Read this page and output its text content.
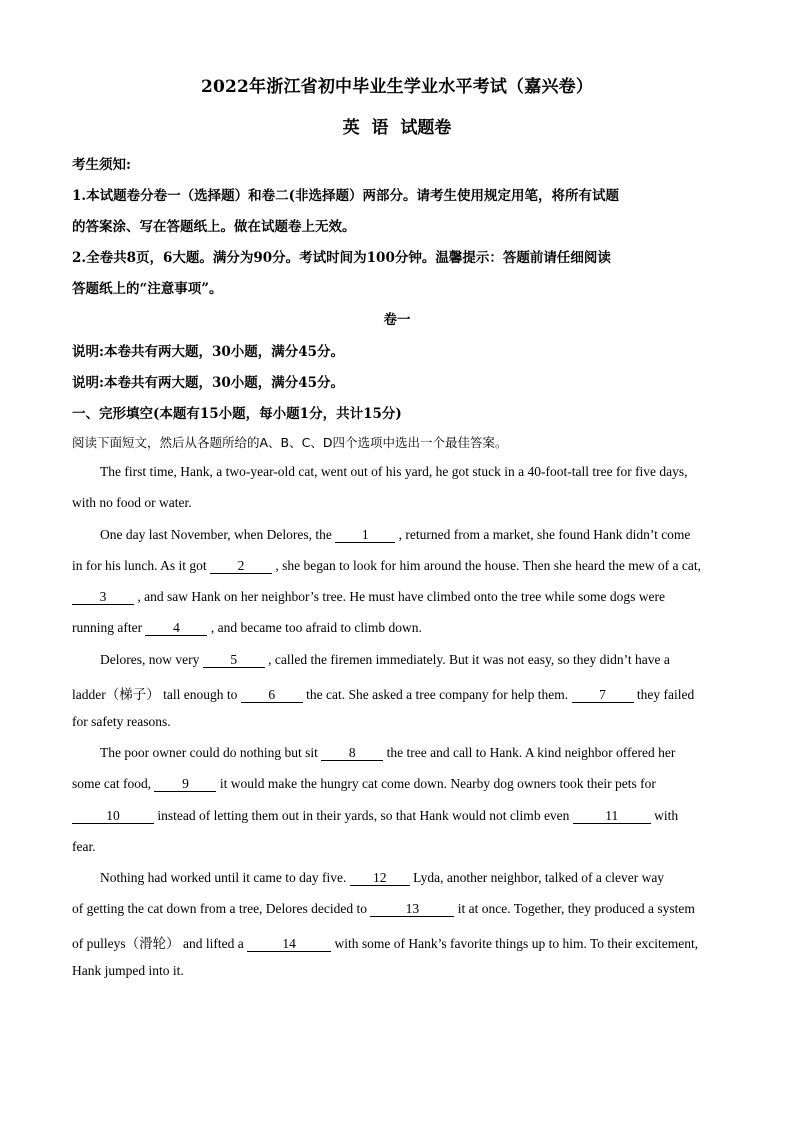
2022年浙江省初中毕业生学业水平考试（嘉兴卷）
英 语 试题卷
考生须知:
1.本试题卷分卷一（选择题）和卷二(非选择题）两部分。请考生使用规定用笔，将所有试题
的答案涂、写在答题纸上。做在试题卷上无效。
2.全卷共8页，6大题。满分为90分。考试时间为100分钟。温馨提示：答题前请任细阅读
答题纸上的“注意事项”。
卷一
说明:本卷共有两大题，30小题，满分45分。
说明:本卷共有两大题，30小题，满分45分。
一、完形填空(本题有15小题，每小题1分，共计15分)
阅读下面短文，然后从各题所给的A、B、C、D四个选项中选出一个最佳答案。
The first time, Hank, a two-year-old cat, went out of his yard, he got stuck in a 40-foot-tall tree for five days,
with no food or water.
One day last November, when Delores, the 1 , returned from a market, she found Hank didn’t come
in for his lunch. As it got 2 , she began to look for him around the house. Then she heard the mew of a cat,
3 , and saw Hank on her neighbor’s tree. He must have climbed onto the tree while some dogs were
running after 4 , and became too afraid to climb down.
Delores, now very 5 , called the firemen immediately. But it was not easy, so they didn’t have a
ladder（梯子） tall enough to 6 the cat. She asked a tree company for help them. 7 they failed
for safety reasons.
The poor owner could do nothing but sit 8 the tree and call to Hank. A kind neighbor offered her
some cat food, 9 it would make the hungry cat come down. Nearby dog owners took their pets for
10	instead of letting them out in their yards, so that Hank would not climb even 11 with
fear.
Nothing had worked until it came to day five. 12 Lyda, another neighbor, talked of a clever way
of getting the cat down from a tree, Delores decided to	13	it at once. Together, they produced a system
of pulleys（滑轮） and lifted a	14	with some of Hank’s favorite things up to him. To their excitement,
Hank jumped into it.
